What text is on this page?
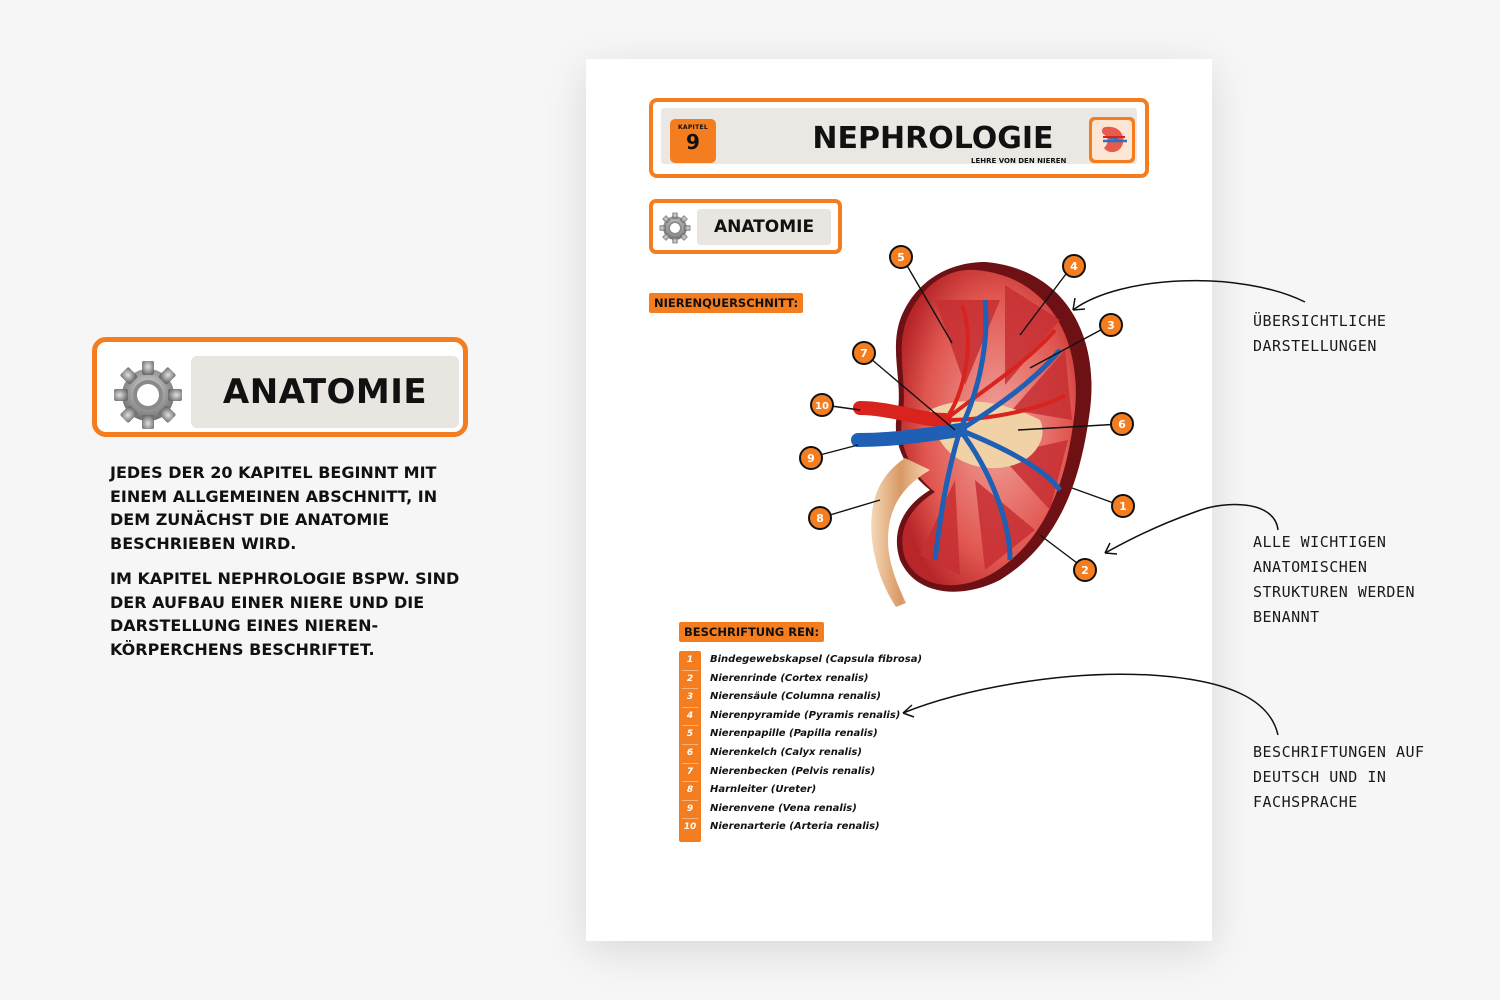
ANATOMIE

JEDES DER 20 KAPITEL BEGINNT MIT EINEM ALLGEMEINEN ABSCHNITT, IN DEM ZUNÄCHST DIE ANATOMIE BESCHRIEBEN WIRD.

IM KAPITEL NEPHROLOGIE BSPW. SIND DER AUFBAU EINER NIERE UND DIE DARSTELLUNG EINES NIEREN-KÖRPERCHENS BESCHRIFTET.

KAPITEL
9	NEPHROLOGIE
LEHRE VON DEN NIEREN
ANATOMIE
NIERENQUERSCHNITT:
BESCHRIFTUNG REN:
1	Bindegewebskapsel (Capsula fibrosa)
2	Nierenrinde (Cortex renalis)
3	Nierensäule (Columna renalis)
4	Nierenpyramide (Pyramis renalis)
5	Nierenpapille (Papilla renalis)
6	Nierenkelch (Calyx renalis)
7	Nierenbecken (Pelvis renalis)
8	Harnleiter (Ureter)
9	Nierenvene (Vena renalis)
10	Nierenarterie (Arteria renalis)
1
2
3
4
5
6
7
8
9
10

ÜBERSICHTLICHE
DARSTELLUNGEN

ALLE WICHTIGEN
ANATOMISCHEN
STRUKTUREN WERDEN
BENANNT

BESCHRIFTUNGEN AUF
DEUTSCH UND IN
FACHSPRACHE
